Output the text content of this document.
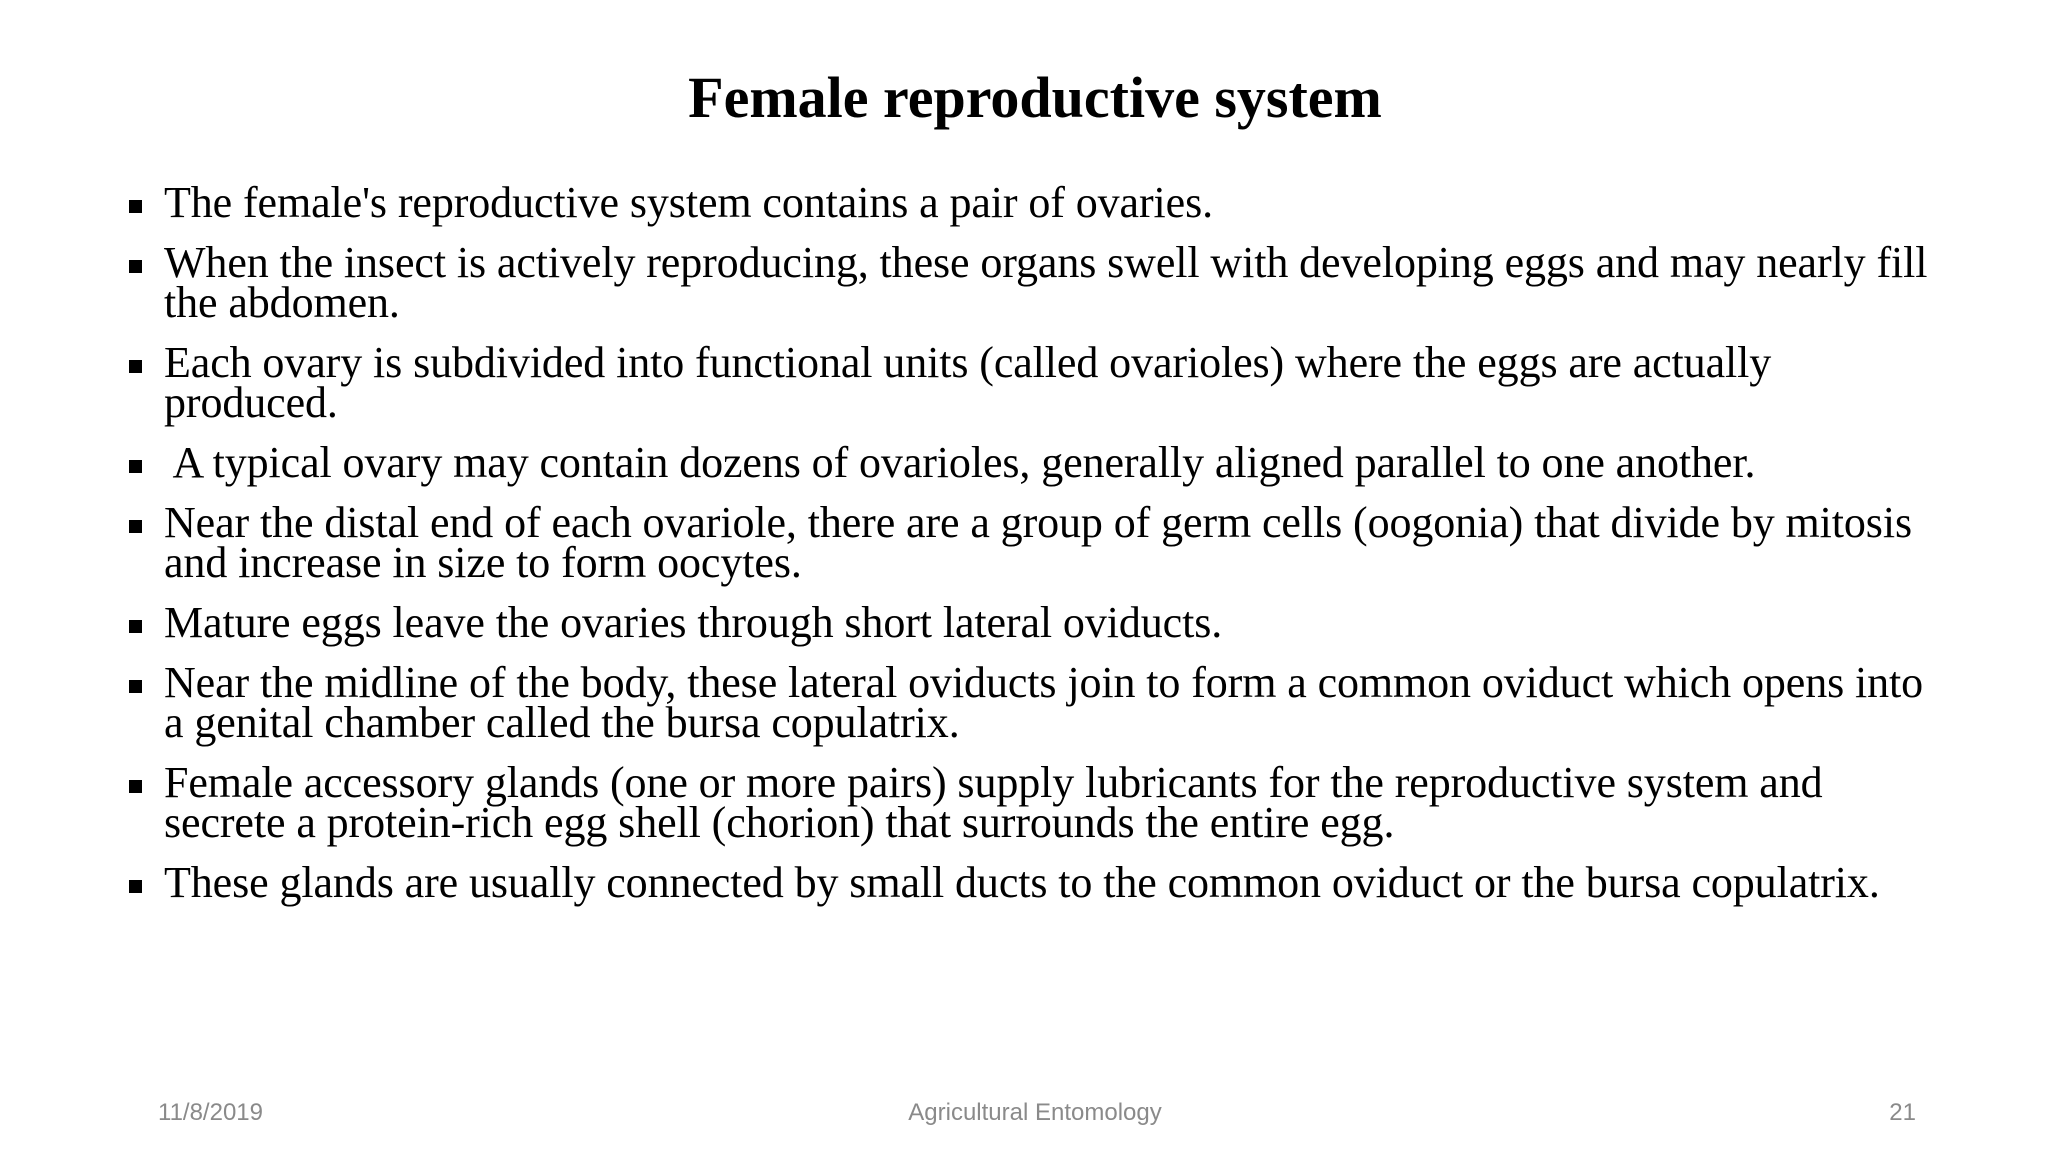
Female reproductive system
The female's reproductive system contains a pair of ovaries.
When the insect is actively reproducing, these organs swell with developing eggs and may nearly fill the abdomen.
Each ovary is subdivided into functional units (called ovarioles) where the eggs are actually produced.
A typical ovary may contain dozens of ovarioles, generally aligned parallel to one another.
Near the distal end of each ovariole, there are a group of germ cells (oogonia) that divide by mitosis and increase in size to form oocytes.
Mature eggs leave the ovaries through short lateral oviducts.
Near the midline of the body, these lateral oviducts join to form a common oviduct which opens into a genital chamber called the bursa copulatrix.
Female accessory glands (one or more pairs) supply lubricants for the reproductive system and secrete a protein-rich egg shell (chorion) that surrounds the entire egg.
These glands are usually connected by small ducts to the common oviduct or the bursa copulatrix.
11/8/2019	Agricultural Entomology	21
